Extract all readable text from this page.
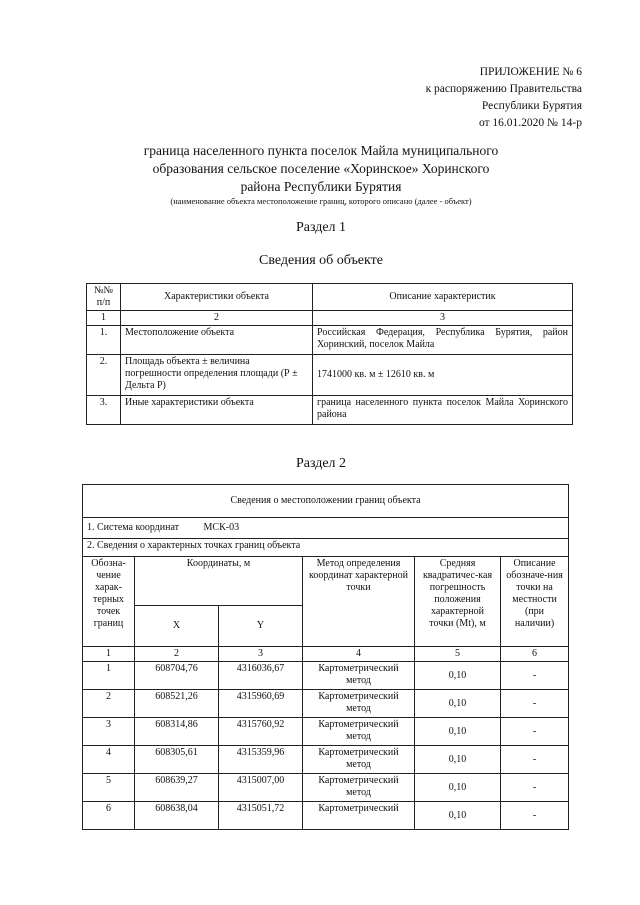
ПРИЛОЖЕНИЕ № 6
к распоряжению Правительства
Республики Бурятия
от 16.01.2020 № 14-р
граница населенного пункта поселок Майла муниципального
образования сельское поселение «Хоринское» Хоринского
района Республики Бурятия
(наименование объекта местоположение границ, которого описано (далее - объект)
Раздел 1
Сведения об объекте
№№ п/п	Характеристики объекта	Описание характеристик
1	2	3
1.	Местоположение объекта	Российская Федерация, Республика Бурятия, район Хоринский, поселок Майла
2.	Площадь объекта ± величина погрешности определения площади (Р ± Дельта Р)	1741000 кв. м ± 12610 кв. м
3.	Иные характеристики объекта	граница населенного пункта поселок Майла Хоринского района
Раздел 2
Сведения о местоположении границ объекта					
1. Система координат МСК-03					
2. Сведения о характерных точках границ объекта					
Обозна-чение харак-терных точек границ	Координаты, м		Метод определения координат характерной точки	Средняя квадратичес-кая погрешность положения характерной точки (Mt), м	Описание обозначе-ния точки на местности (при наличии)
	X	Y			
1	2	3	4	5	6
1	608704,76	4316036,67	Картометрический метод	0,10	-
2	608521,26	4315960,69	Картометрический метод	0,10	-
3	608314,86	4315760,92	Картометрический метод	0,10	-
4	608305,61	4315359,96	Картометрический метод	0,10	-
5	608639,27	4315007,00	Картометрический метод	0,10	-
6	608638,04	4315051,72	Картометрический	0,10	-
